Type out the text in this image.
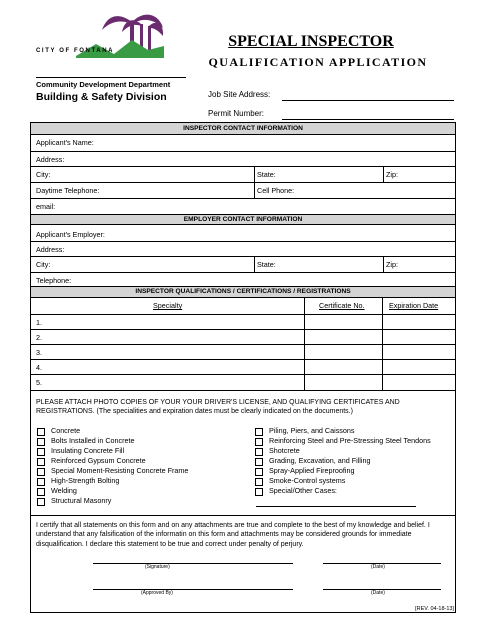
CITY OF FONTANA
Community Development Department
Building & Safety Division
SPECIAL INSPECTOR
QUALIFICATION APPLICATION
Job Site Address:
Permit Number:
INSPECTOR CONTACT INFORMATION
Applicant's Name:
Address:
City:	State:	Zip:
Daytime Telephone:	Cell Phone:
email:
EMPLOYER CONTACT INFORMATION
Applicant's Employer:
Address:
City:	State:	Zip:
Telephone:
INSPECTOR QUALIFICATIONS / CERTIFICATIONS / REGISTRATIONS
Specialty	Certificate No.	Expiration Date
1.
2.
3.
4.
5.
PLEASE ATTACH PHOTO COPIES OF YOUR YOUR DRIVER'S LICENSE, AND QUALIFYING CERTIFICATES AND REGISTRATIONS. (The specialities and expiration dates must be clearly indicated on the documents.)
Concrete
Bolts Installed in Concrete
Insulating Concrete Fill
Reinforced Gypsum Concrete
Special Moment-Resisting Concrete Frame
High-Strength Bolting
Welding
Structural Masonry
Piling, Piers, and Caissons
Reinforcing Steel and Pre-Stressing Steel Tendons
Shotcrete
Grading, Excavation, and Filling
Spray-Applied Fireproofing
Smoke-Control systems
Special/Other Cases:
I certify that all statements on this form and on any attachments are true and complete to the best of my knowledge and belief. I understand that any falsification of the informatin on this form and attachments may be considered grounds for immediate disqualification. I declare this statement to be true and correct under penalty of perjury.
(Signature)	(Date)
(Approved By)	(Date)
[REV. 04-18-13]
